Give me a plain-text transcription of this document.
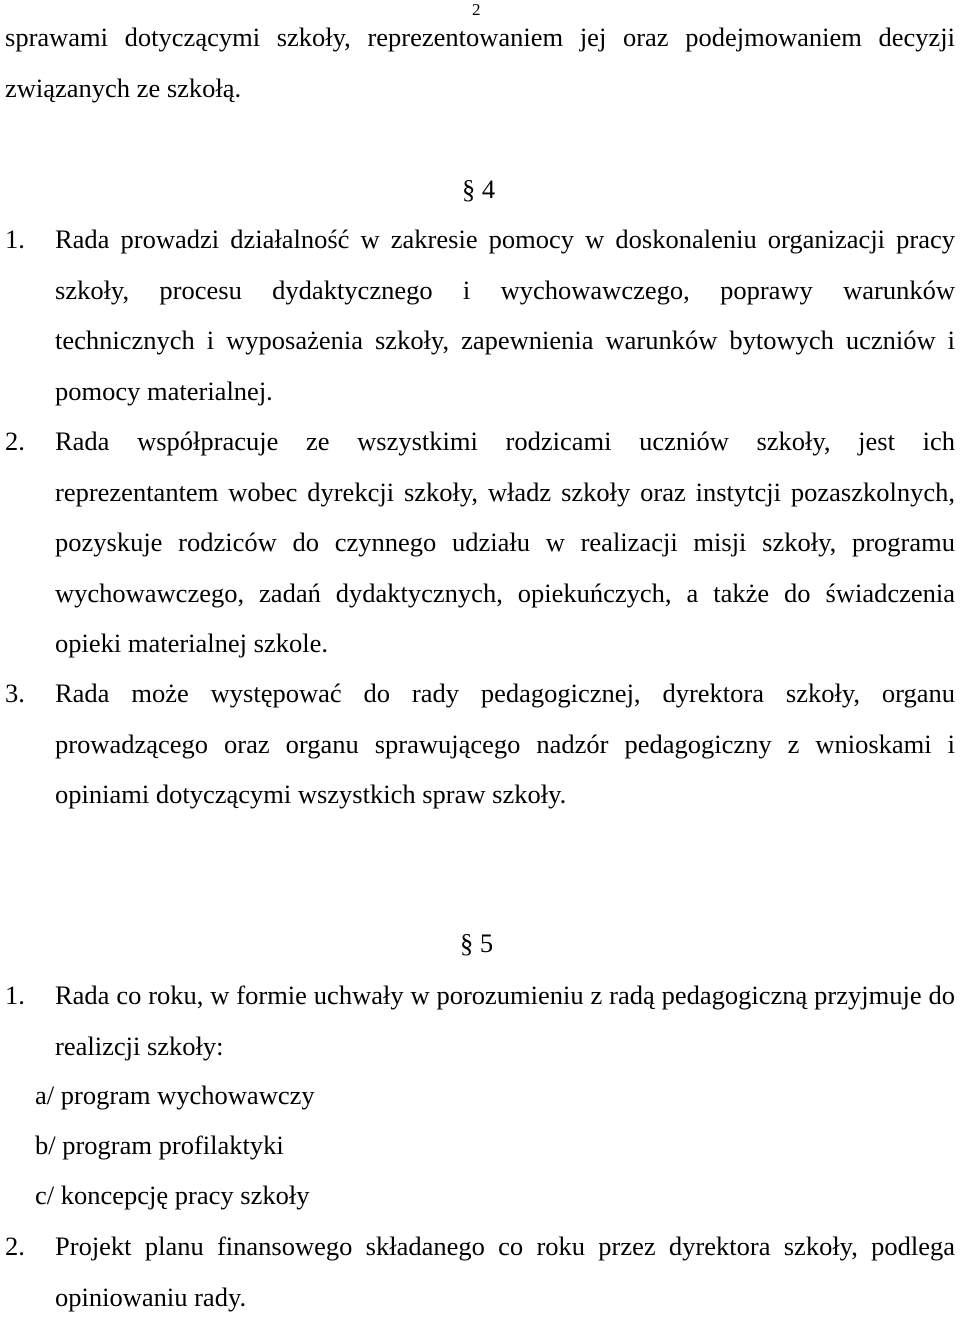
2
sprawami dotyczącymi szkoły, reprezentowaniem jej oraz podejmowaniem decyzji związanych ze szkołą.
§ 4
1. Rada prowadzi działalność w zakresie pomocy w doskonaleniu organizacji pracy szkoły, procesu dydaktycznego i wychowawczego, poprawy warunków technicznych i wyposażenia szkoły, zapewnienia warunków bytowych uczniów i pomocy materialnej.
2. Rada współpracuje ze wszystkimi rodzicami uczniów szkoły, jest ich reprezentantem wobec dyrekcji szkoły, władz szkoły oraz instytcji pozaszkolnych, pozyskuje rodziców do czynnego udziału w realizacji misji szkoły, programu wychowawczego, zadań dydaktycznych, opiekuńczych, a także do świadczenia opieki materialnej szkole.
3. Rada może występować do rady pedagogicznej, dyrektora szkoły, organu prowadzącego oraz organu sprawującego nadzór pedagogiczny z wnioskami i opiniami dotyczącymi wszystkich spraw szkoły.
§ 5
1. Rada co roku, w formie uchwały w porozumieniu z radą pedagogiczną przyjmuje do realizcji szkoły:
a/ program wychowawczy
b/ program profilaktyki
c/ koncepcję pracy szkoły
2. Projekt planu finansowego składanego co roku przez dyrektora szkoły, podlega opiniowaniu rady.
